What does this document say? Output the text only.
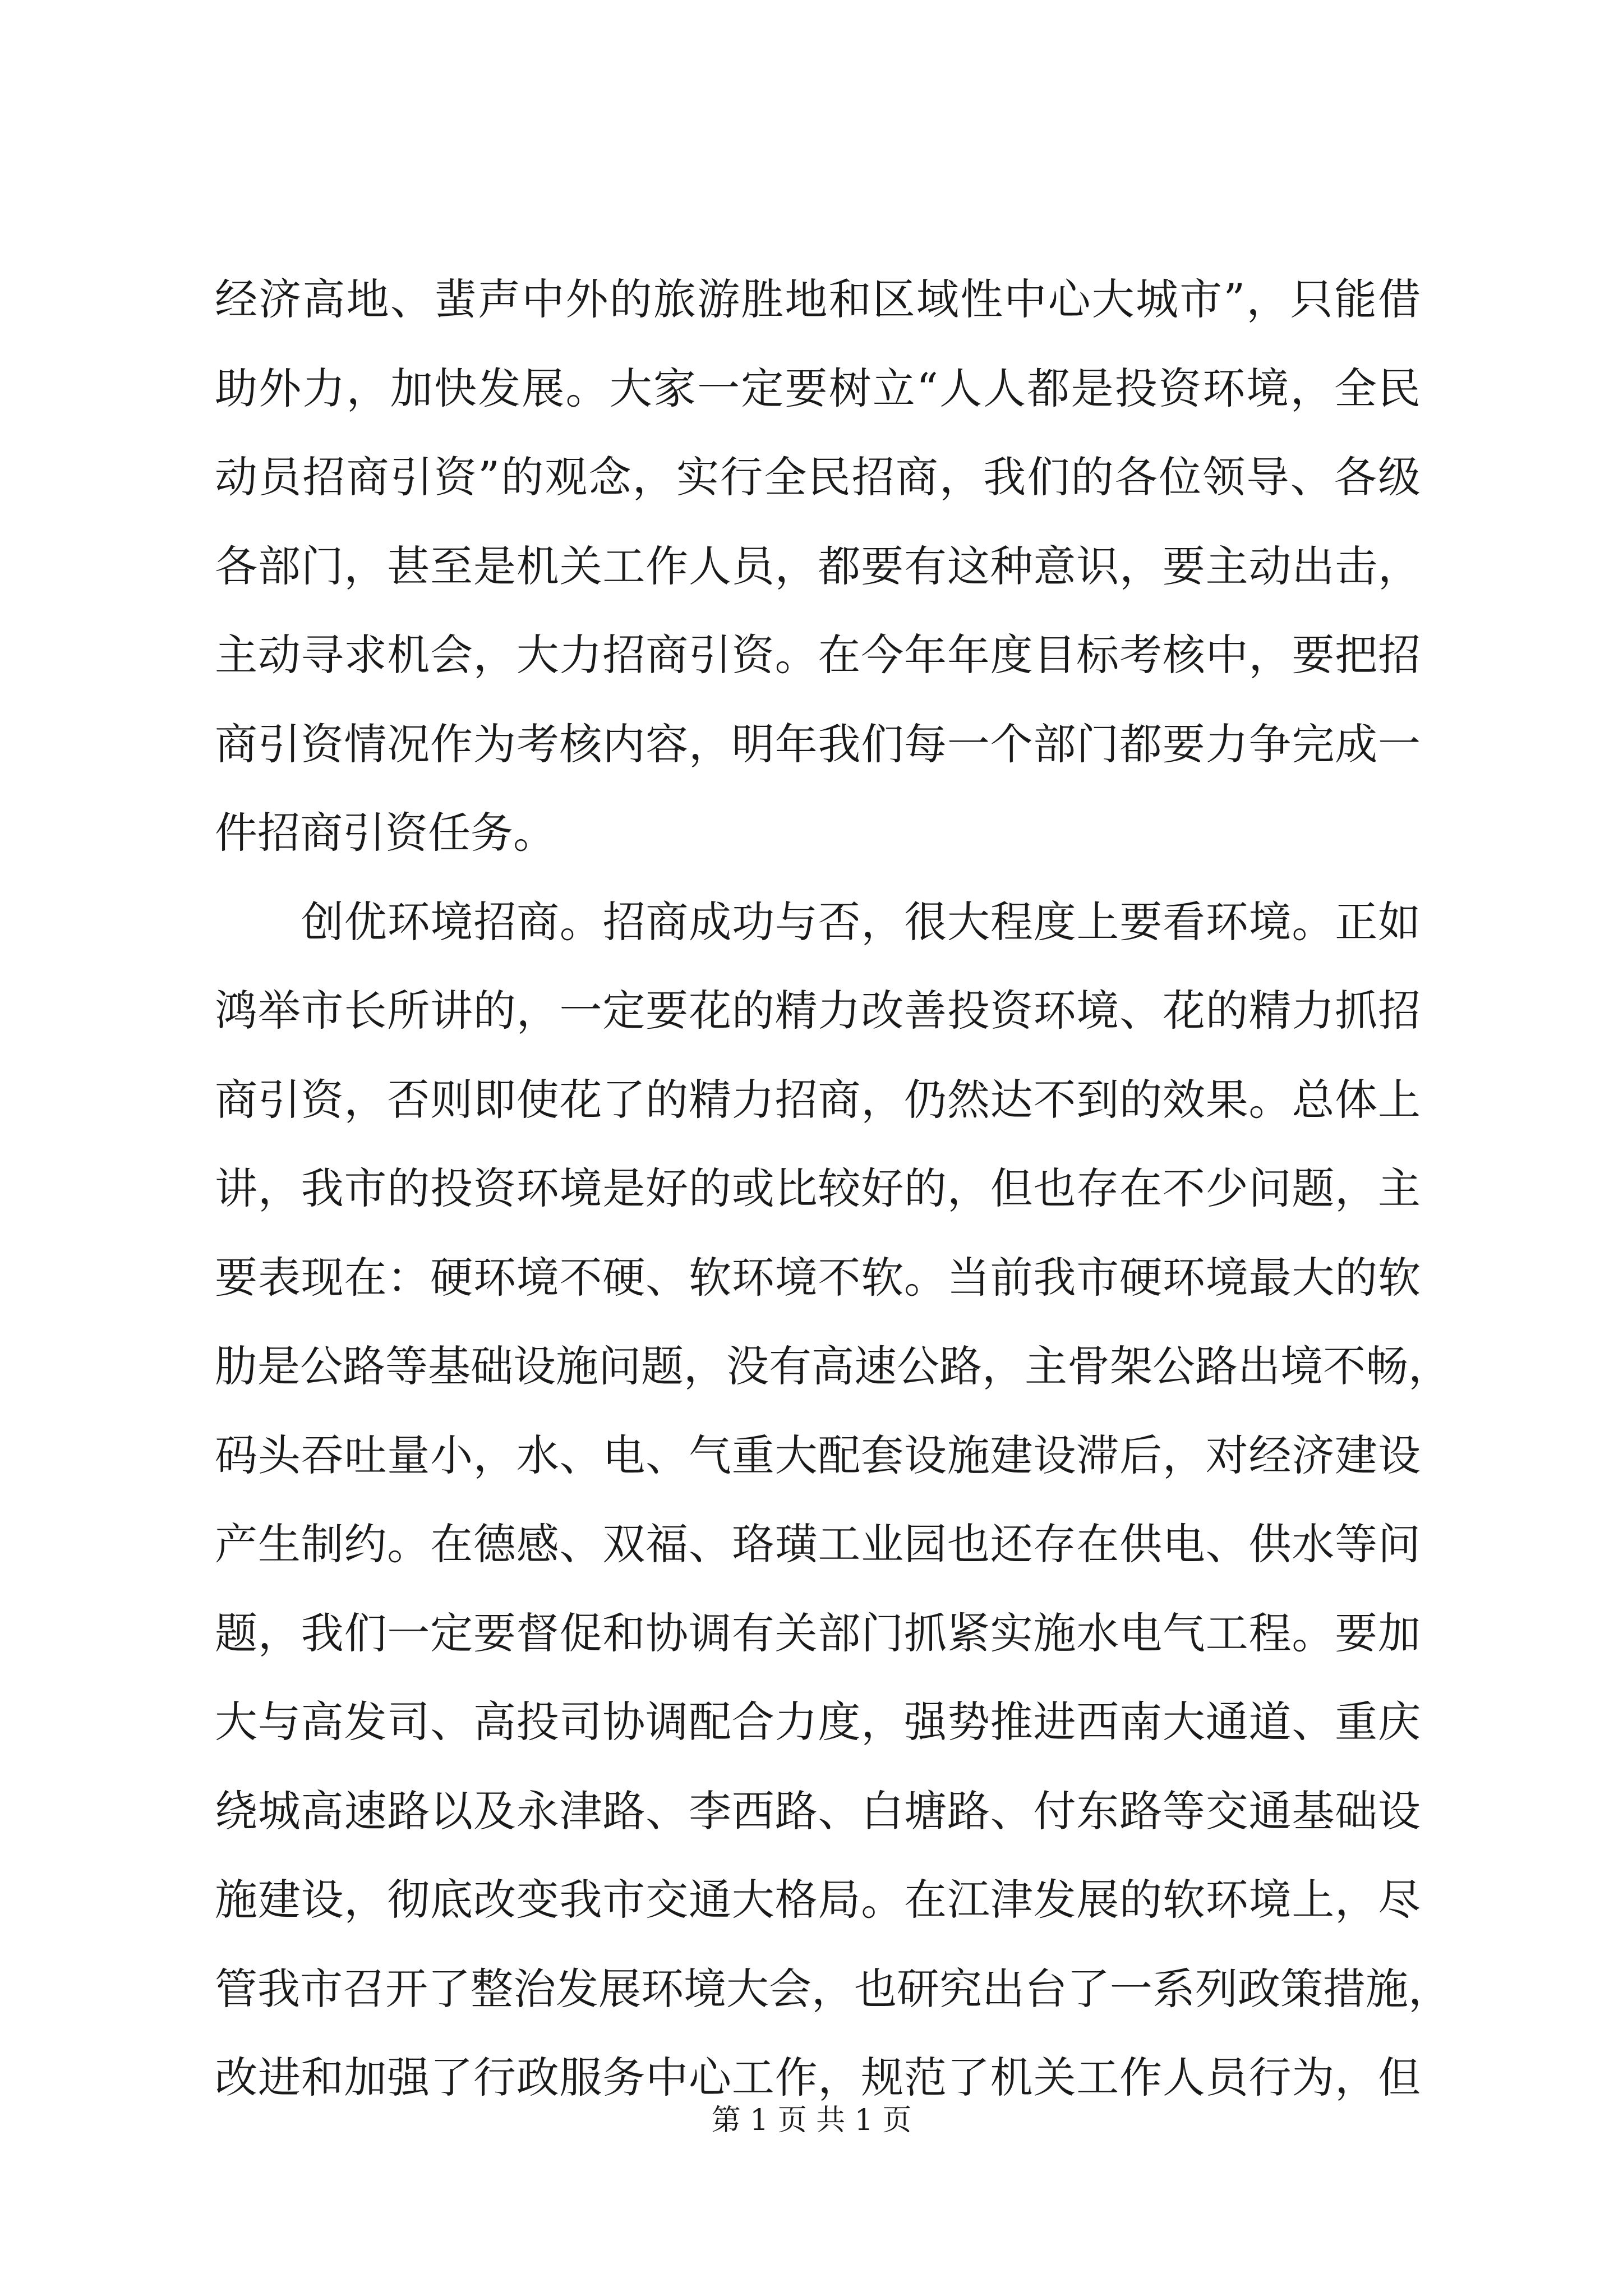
经济高地、蜚声中外的旅游胜地和区域性中心大城市”，只能借
助外力，加快发展。大家一定要树立“人人都是投资环境，全民
动员招商引资”的观念，实行全民招商，我们的各位领导、各级
各部门，甚至是机关工作人员，都要有这种意识，要主动出击，
主动寻求机会，大力招商引资。在今年年度目标考核中，要把招
商引资情况作为考核内容，明年我们每一个部门都要力争完成一
件招商引资任务。
创优环境招商。招商成功与否，很大程度上要看环境。正如
鸿举市长所讲的，一定要花的精力改善投资环境、花的精力抓招
商引资，否则即使花了的精力招商，仍然达不到的效果。总体上
讲，我市的投资环境是好的或比较好的，但也存在不少问题，主
要表现在：硬环境不硬、软环境不软。当前我市硬环境最大的软
肋是公路等基础设施问题，没有高速公路，主骨架公路出境不畅，
码头吞吐量小，水、电、气重大配套设施建设滞后，对经济建设
产生制约。在德感、双福、珞璜工业园也还存在供电、供水等问
题，我们一定要督促和协调有关部门抓紧实施水电气工程。要加
大与高发司、高投司协调配合力度，强势推进西南大通道、重庆
绕城高速路以及永津路、李西路、白塘路、付东路等交通基础设
施建设，彻底改变我市交通大格局。在江津发展的软环境上，尽
管我市召开了整治发展环境大会，也研究出台了一系列政策措施，
改进和加强了行政服务中心工作，规范了机关工作人员行为，但
第 1 页 共 1 页
